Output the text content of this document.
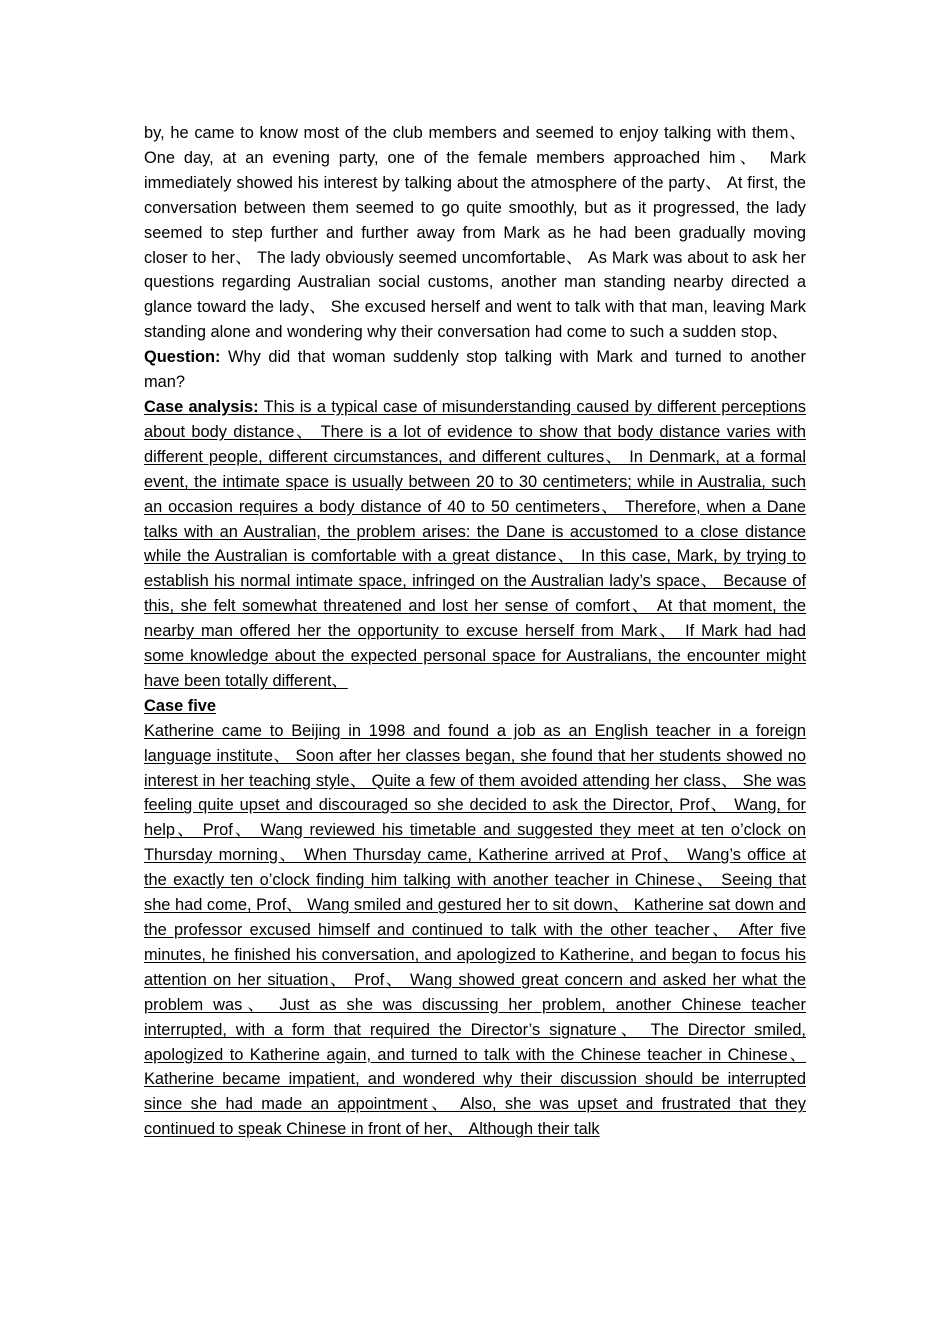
by, he came to know most of the club members and seemed to enjoy talking with them、 One day, at an evening party, one of the female members approached him、 Mark immediately showed his interest by talking about the atmosphere of the party、 At first, the conversation between them seemed to go quite smoothly, but as it progressed, the lady seemed to step further and further away from Mark as he had been gradually moving closer to her、 The lady obviously seemed uncomfortable、 As Mark was about to ask her questions regarding Australian social customs, another man standing nearby directed a glance toward the lady、 She excused herself and went to talk with that man, leaving Mark standing alone and wondering why their conversation had come to such a sudden stop、

Question: Why did that woman suddenly stop talking with Mark and turned to another man?

Case analysis: This is a typical case of misunderstanding caused by different perceptions about body distance、 There is a lot of evidence to show that body distance varies with different people, different circumstances, and different cultures、 In Denmark, at a formal event, the intimate space is usually between 20 to 30 centimeters; while in Australia, such an occasion requires a body distance of 40 to 50 centimeters、 Therefore, when a Dane talks with an Australian, the problem arises: the Dane is accustomed to a close distance while the Australian is comfortable with a great distance、 In this case, Mark, by trying to establish his normal intimate space, infringed on the Australian lady’s space、 Because of this, she felt somewhat threatened and lost her sense of comfort、 At that moment, the nearby man offered her the opportunity to excuse herself from Mark、 If Mark had had some knowledge about the expected personal space for Australians, the encounter might have been totally different、

Case five

Katherine came to Beijing in 1998 and found a job as an English teacher in a foreign language institute、 Soon after her classes began, she found that her students showed no interest in her teaching style、 Quite a few of them avoided attending her class、 She was feeling quite upset and discouraged so she decided to ask the Director, Prof、 Wang, for help、 Prof、 Wang reviewed his timetable and suggested they meet at ten o’clock on Thursday morning、 When Thursday came, Katherine arrived at Prof、 Wang’s office at the exactly ten o’clock finding him talking with another teacher in Chinese、 Seeing that she had come, Prof、 Wang smiled and gestured her to sit down、 Katherine sat down and the professor excused himself and continued to talk with the other teacher、 After five minutes, he finished his conversation, and apologized to Katherine, and began to focus his attention on her situation、 Prof、 Wang showed great concern and asked her what the problem was、 Just as she was discussing her problem, another Chinese teacher interrupted, with a form that required the Director’s signature、 The Director smiled, apologized to Katherine again, and turned to talk with the Chinese teacher in Chinese、 Katherine became impatient, and wondered why their discussion should be interrupted since she had made an appointment、 Also, she was upset and frustrated that they continued to speak Chinese in front of her、 Although their talk
